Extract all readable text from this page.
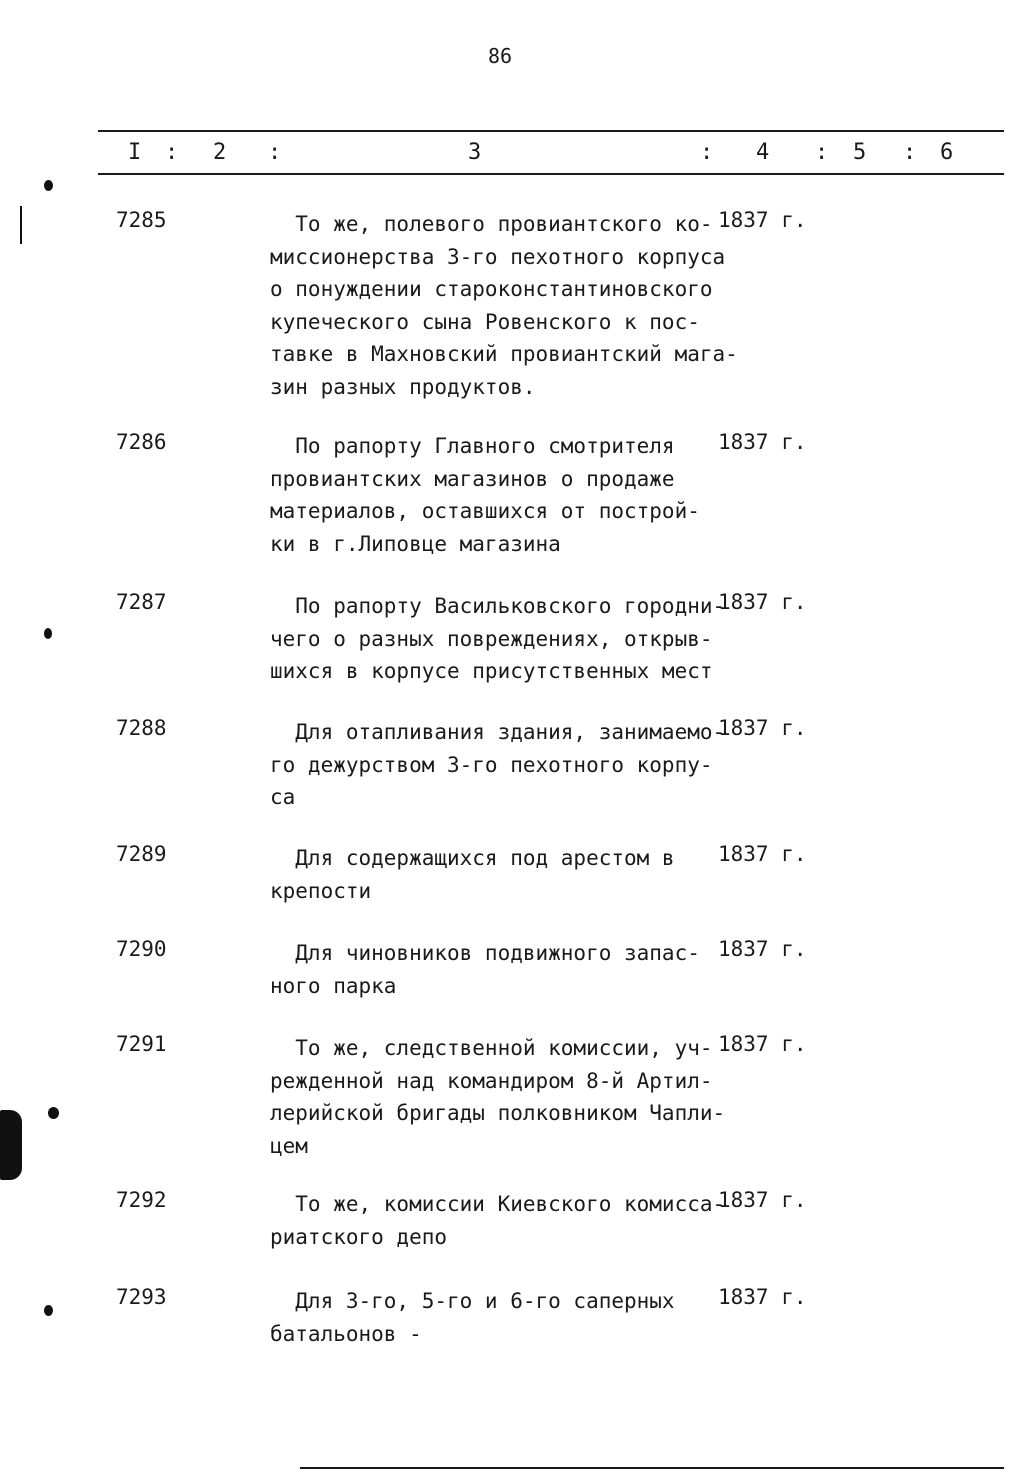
86
I : 2 :	3	: 4 : 5 : 6
7285	То же, полевого провиантского ко-
миссионерства 3-го пехотного корпуса
о понуждении староконстантиновского
купеческого сына Ровенского к пос-
тавке в Махновский провиантский мага-
зин разных продуктов.
1837 г.
7286	По рапорту Главного смотрителя
провиантских магазинов о продаже
материалов, оставшихся от построй-
ки в г.Липовце магазина
1837 г.
7287	По рапорту Васильковского городни-
чего о разных повреждениях, открыв-
шихся в корпусе присутственных мест
1837 г.
7288	Для отапливания здания, занимаемо-
го дежурством 3-го пехотного корпу-
са
1837 г.
7289	Для содержащихся под арестом в
крепости
1837 г.
7290	Для чиновников подвижного запас-
ного парка
1837 г.
7291	То же, следственной комиссии, уч-
режденной над командиром 8-й Артил-
лерийской бригады полковником Чапли-
цем
1837 г.
7292	То же, комиссии Киевского комисса-
риатского депо
1837 г.
7293	Для 3-го, 5-го и 6-го саперных
батальонов -
1837 г.
